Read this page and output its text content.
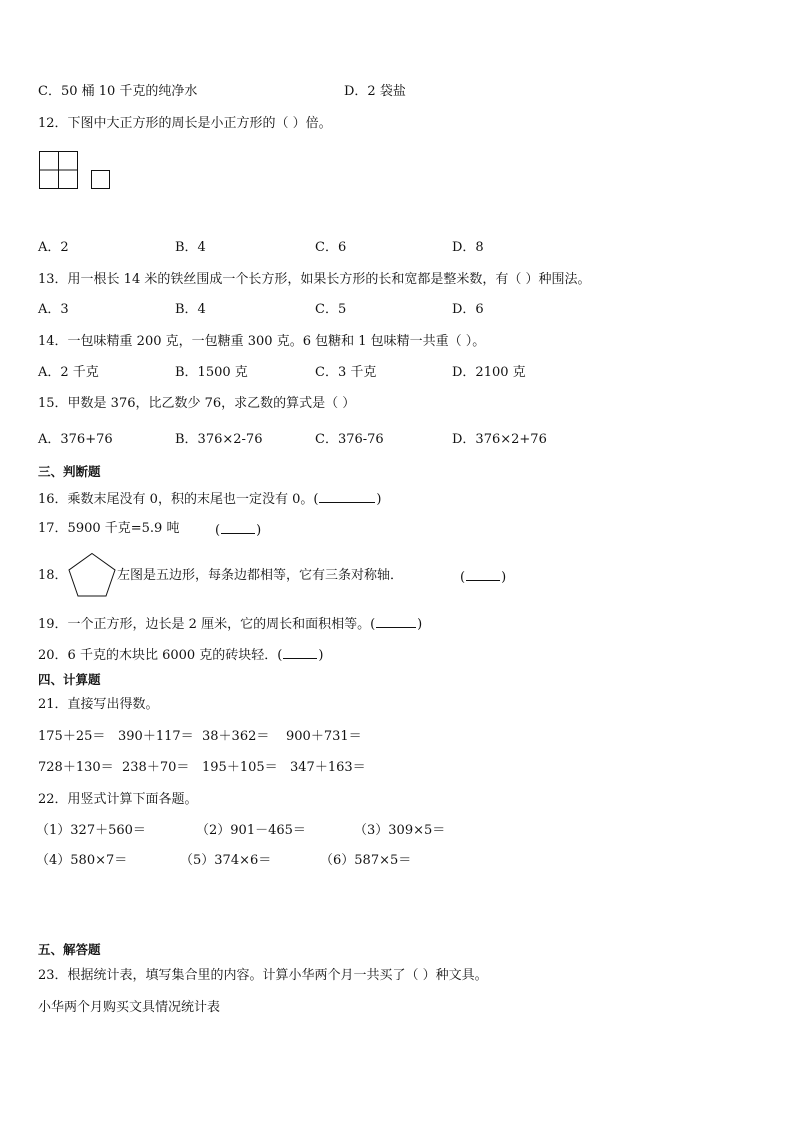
C．50 桶 10 千克的纯净水	D．2 袋盐
12．下图中大正方形的周长是小正方形的（ ）倍。
A．2	B．4	C．6	D．8
13．用一根长 14 米的铁丝围成一个长方形，如果长方形的长和宽都是整米数，有（ ）种围法。
A．3	B．4	C．5	D．6
14．一包味精重 200 克，一包糖重 300 克。6 包糖和 1 包味精一共重（ ）。
A．2 千克	B．1500 克	C．3 千克	D．2100 克
15．甲数是 376，比乙数少 76，求乙数的算式是（ ）
A．376+76	B．376×2-76	C．376-76	D．376×2+76
三、判断题
16．乘数末尾没有 0，积的末尾也一定没有 0。(	)
17．5900 千克=5.9 吨	(	)
18．	左图是五边形，每条边都相等，它有三条对称轴．	(	)
19．一个正方形，边长是 2 厘米，它的周长和面积相等。(	)
20．6 千克的木块比 6000 克的砖块轻．(	)
四、计算题
21．直接写出得数。
175＋25＝ 390＋117＝ 38＋362＝ 900＋731＝
728＋130＝ 238＋70＝ 195＋105＝ 347＋163＝
22．用竖式计算下面各题。
（1）327＋560＝	（2）901－465＝	（3）309×5＝
（4）580×7＝	（5）374×6＝	（6）587×5＝
五、解答题
23．根据统计表，填写集合里的内容。计算小华两个月一共买了（ ）种文具。
小华两个月购买文具情况统计表
